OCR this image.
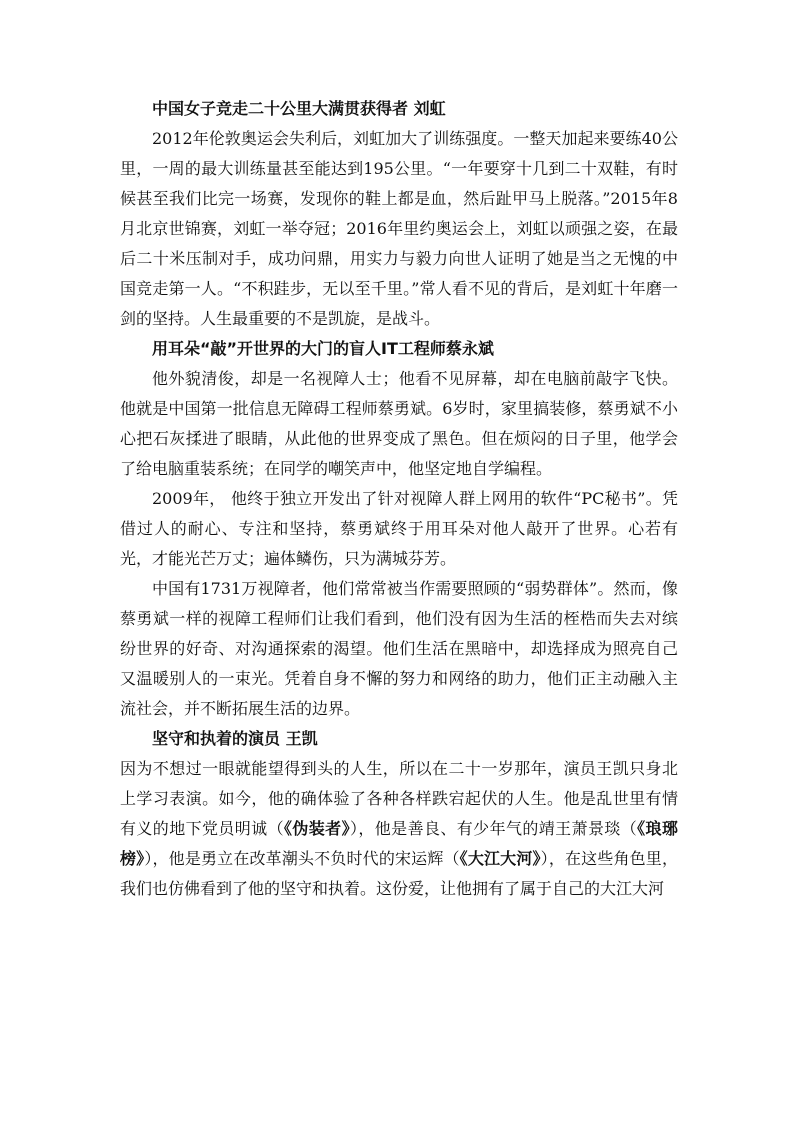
中国女子竞走二十公里大满贯获得者 刘虹

2012年伦敦奥运会失利后，刘虹加大了训练强度。一整天加起来要练40公里，一周的最大训练量甚至能达到195公里。“一年要穿十几到二十双鞋，有时候甚至我们比完一场赛，发现你的鞋上都是血，然后趾甲马上脱落。”2015年8月北京世锦赛，刘虹一举夺冠；2016年里约奥运会上，刘虹以顽强之姿，在最后二十米压制对手，成功问鼎，用实力与毅力向世人证明了她是当之无愧的中国竞走第一人。“不积跬步，无以至千里。”常人看不见的背后，是刘虹十年磨一剑的坚持。人生最重要的不是凯旋，是战斗。

用耳朵“敲”开世界的大门的盲人IT工程师蔡永斌

他外貌清俊，却是一名视障人士；他看不见屏幕，却在电脑前敲字飞快。他就是中国第一批信息无障碍工程师蔡勇斌。6岁时，家里搞装修，蔡勇斌不小心把石灰揉进了眼睛，从此他的世界变成了黑色。但在烦闷的日子里，他学会了给电脑重装系统；在同学的嘲笑声中，他坚定地自学编程。

2009年， 他终于独立开发出了针对视障人群上网用的软件“PC秘书”。凭借过人的耐心、专注和坚持，蔡勇斌终于用耳朵对他人敲开了世界。心若有光，才能光芒万丈；遍体鳞伤，只为满城芬芳。

中国有1731万视障者，他们常常被当作需要照顾的“弱势群体”。然而，像蔡勇斌一样的视障工程师们让我们看到，他们没有因为生活的桎梏而失去对缤纷世界的好奇、对沟通探索的渴望。他们生活在黑暗中，却选择成为照亮自己又温暖别人的一束光。凭着自身不懈的努力和网络的助力，他们正主动融入主流社会，并不断拓展生活的边界。

坚守和执着的演员 王凯

因为不想过一眼就能望得到头的人生，所以在二十一岁那年，演员王凯只身北上学习表演。如今，他的确体验了各种各样跌宕起伏的人生。他是乱世里有情有义的地下党员明诚（《伪装者》），他是善良、有少年气的靖王萧景琰（《琅琊榜》），他是勇立在改革潮头不负时代的宋运辉（《大江大河》），在这些角色里，我们也仿佛看到了他的坚守和执着。这份爱，让他拥有了属于自己的大江大河
